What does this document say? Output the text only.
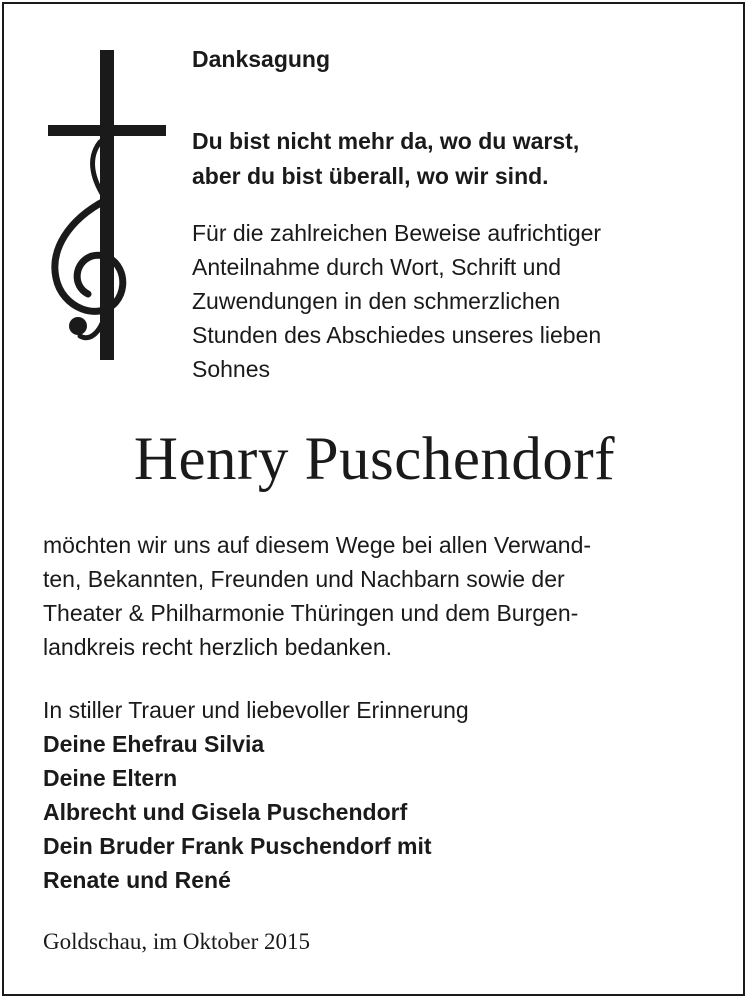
Danksagung
Du bist nicht mehr da, wo du warst,
aber du bist überall, wo wir sind.
Für die zahlreichen Beweise aufrichtiger
Anteilnahme durch Wort, Schrift und
Zuwendungen in den schmerzlichen
Stunden des Abschiedes unseres lieben
Sohnes
Henry Puschendorf
möchten wir uns auf diesem Wege bei allen Verwand-
ten, Bekannten, Freunden und Nachbarn sowie der
Theater & Philharmonie Thüringen und dem Burgen-
landkreis recht herzlich bedanken.
In stiller Trauer und liebevoller Erinnerung
Deine Ehefrau Silvia
Deine Eltern
Albrecht und Gisela Puschendorf
Dein Bruder Frank Puschendorf mit
Renate und René
Goldschau, im Oktober 2015
